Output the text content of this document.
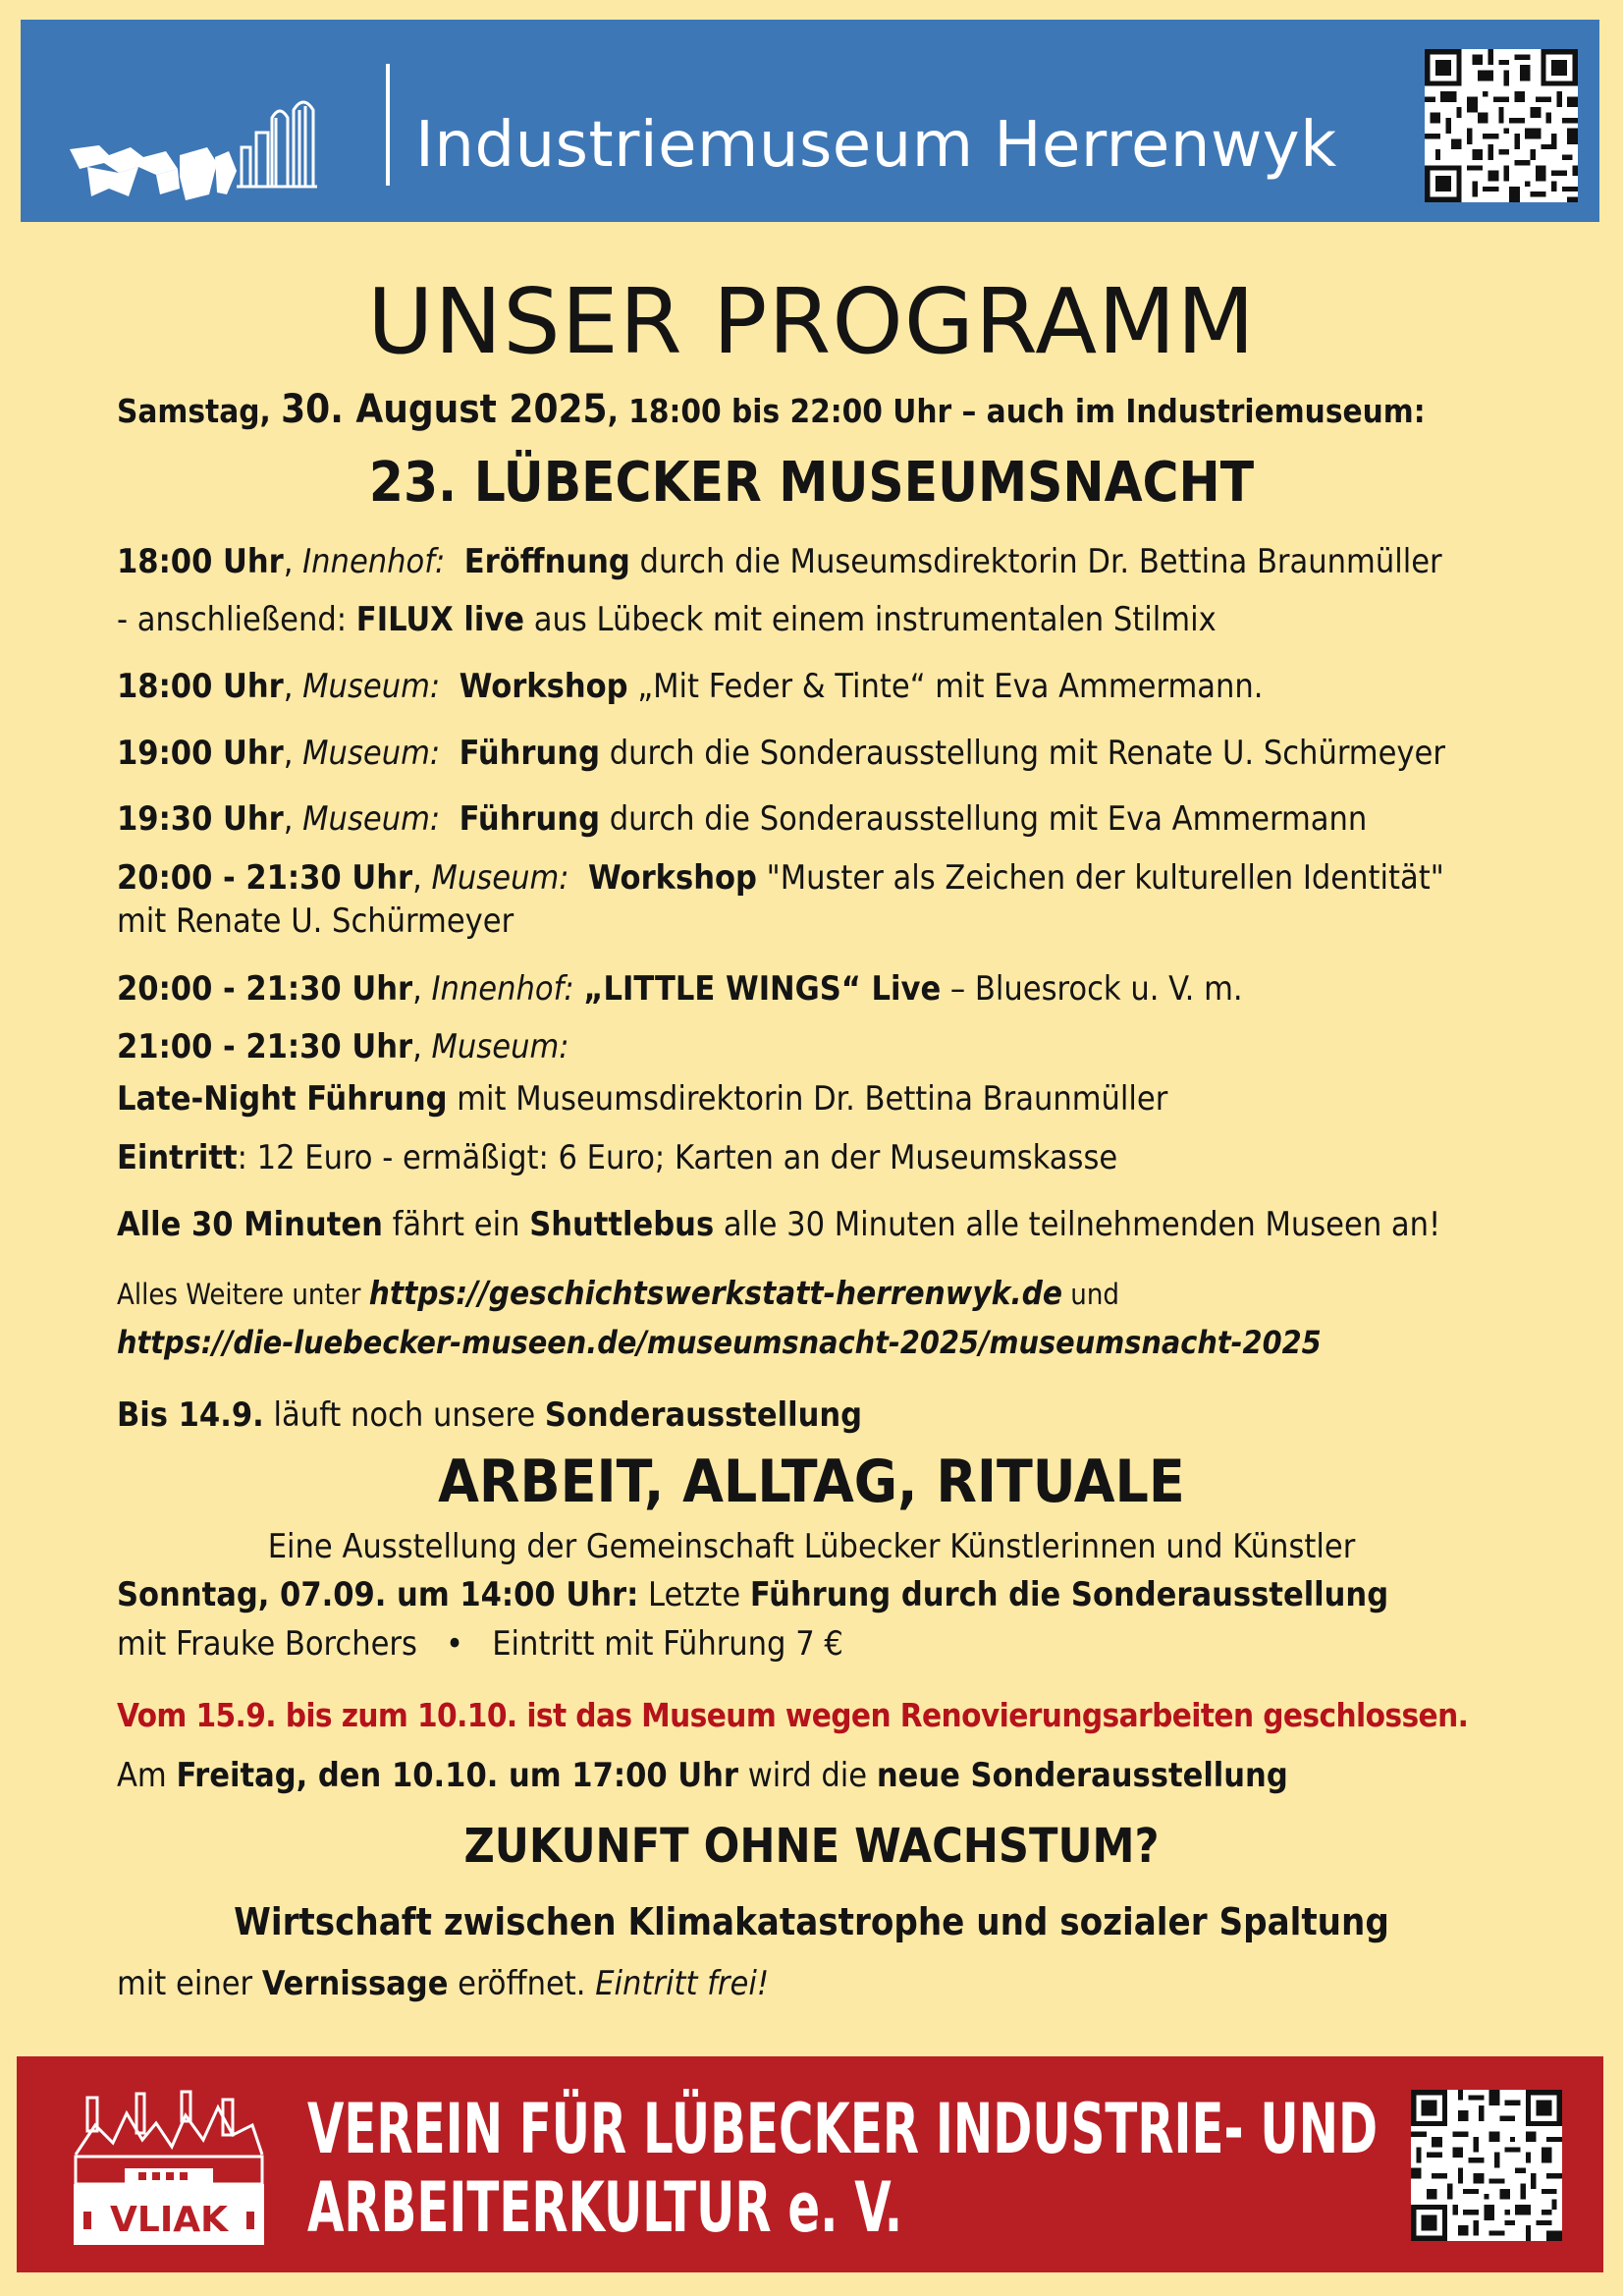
Industriemuseum Herrenwyk
UNSER PROGRAMM
Samstag, 30. August 2025, 18:00 bis 22:00 Uhr – auch im Industriemuseum:
23. LÜBECKER MUSEUMSNACHT
18:00 Uhr, Innenhof: Eröffnung durch die Museumsdirektorin Dr. Bettina Braunmüller
- anschließend: FILUX live aus Lübeck mit einem instrumentalen Stilmix
18:00 Uhr, Museum: Workshop „Mit Feder & Tinte“ mit Eva Ammermann.
19:00 Uhr, Museum: Führung durch die Sonderausstellung mit Renate U. Schürmeyer
19:30 Uhr, Museum: Führung durch die Sonderausstellung mit Eva Ammermann
20:00 - 21:30 Uhr, Museum: Workshop "Muster als Zeichen der kulturellen Identität"
mit Renate U. Schürmeyer
20:00 - 21:30 Uhr, Innenhof: „LITTLE WINGS“ Live – Bluesrock u. V. m.
21:00 - 21:30 Uhr, Museum:
Late-Night Führung mit Museumsdirektorin Dr. Bettina Braunmüller
Eintritt: 12 Euro - ermäßigt: 6 Euro; Karten an der Museumskasse
Alle 30 Minuten fährt ein Shuttlebus alle 30 Minuten alle teilnehmenden Museen an!
Alles Weitere unter https://geschichtswerkstatt-herrenwyk.de und
https://die-luebecker-museen.de/museumsnacht-2025/museumsnacht-2025
Bis 14.9. läuft noch unsere Sonderausstellung
ARBEIT, ALLTAG, RITUALE
Eine Ausstellung der Gemeinschaft Lübecker Künstlerinnen und Künstler
Sonntag, 07.09. um 14:00 Uhr: Letzte Führung durch die Sonderausstellung
mit Frauke Borchers   •   Eintritt mit Führung 7 €
Vom 15.9. bis zum 10.10. ist das Museum wegen Renovierungsarbeiten geschlossen.
Am Freitag, den 10.10. um 17:00 Uhr wird die neue Sonderausstellung
ZUKUNFT OHNE WACHSTUM?
Wirtschaft zwischen Klimakatastrophe und sozialer Spaltung
mit einer Vernissage eröffnet. Eintritt frei!
VLIAK
VEREIN FÜR LÜBECKER INDUSTRIE- UND
ARBEITERKULTUR e. V.
